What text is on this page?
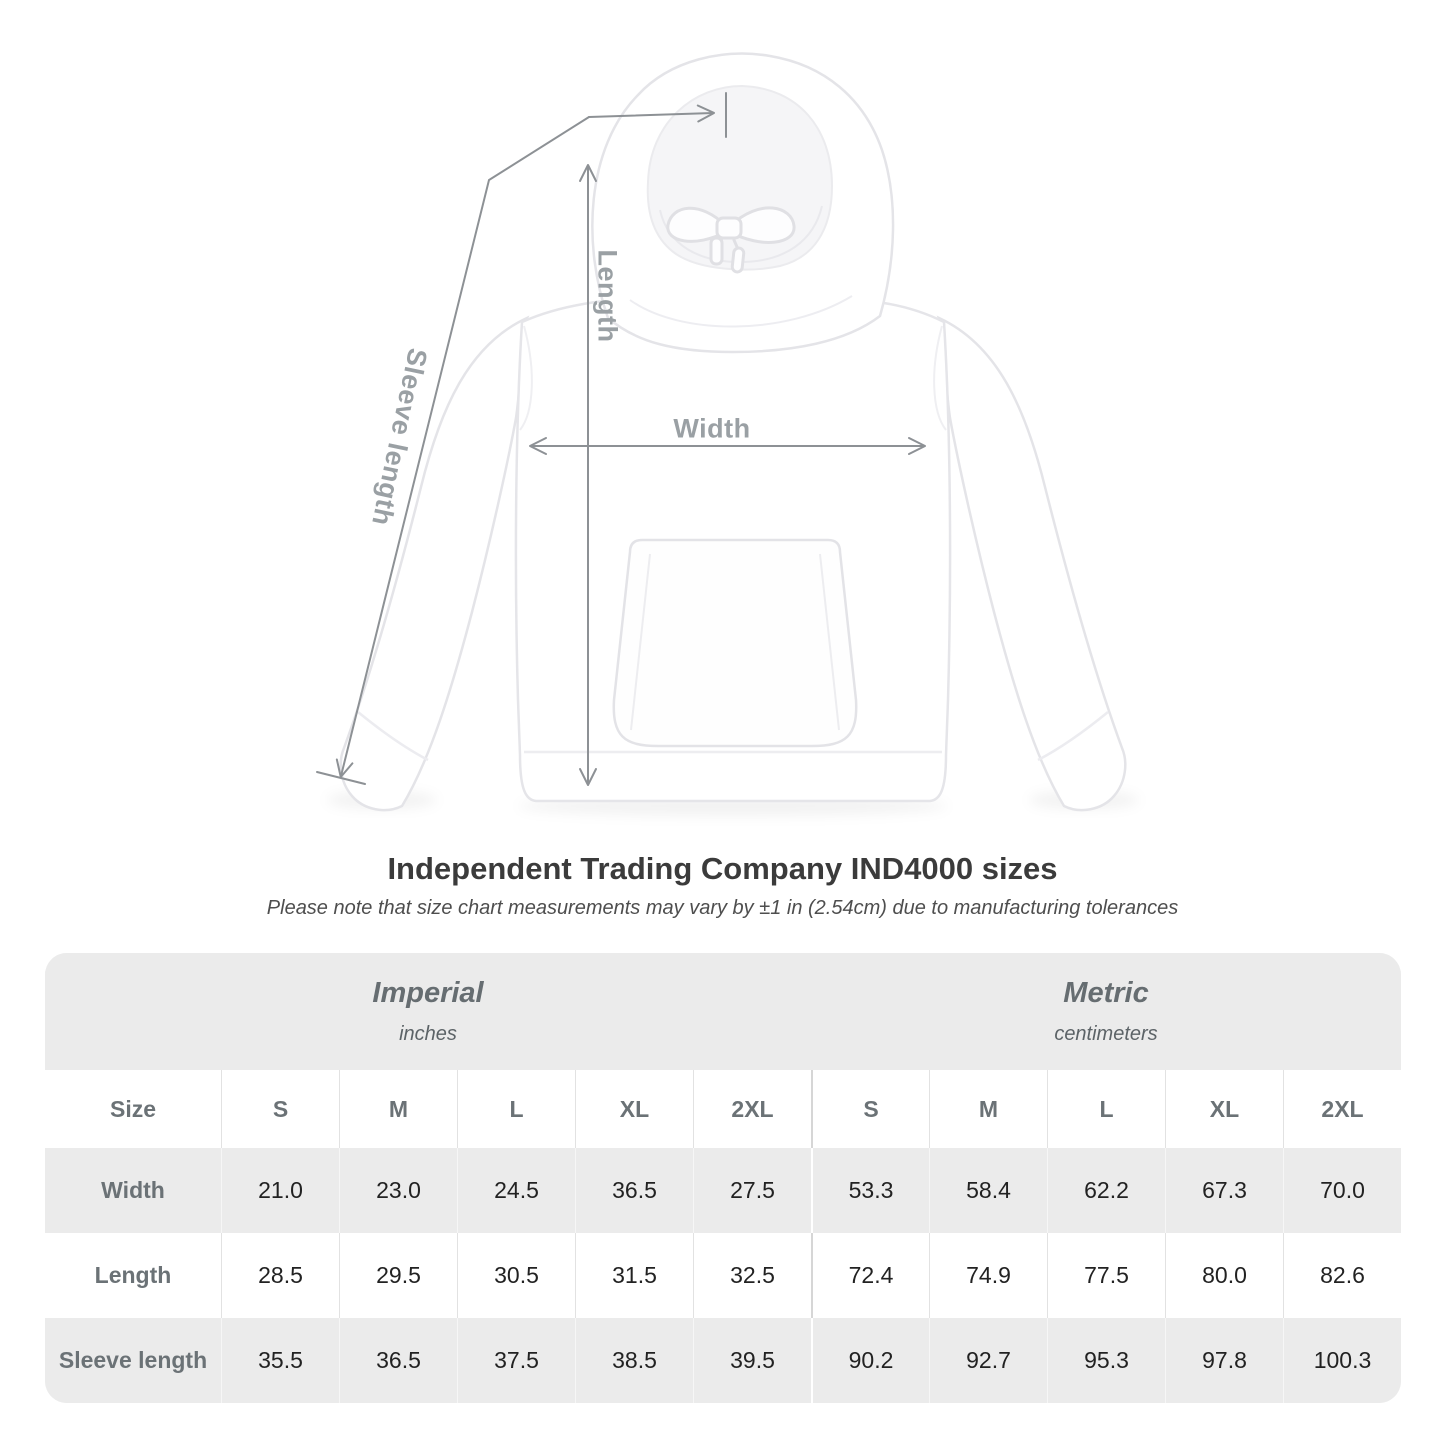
Width
Length
Sleeve length
Independent Trading Company IND4000 sizes
Please note that size chart measurements may vary by ±1 in (2.54cm) due to manufacturing tolerances
Imperial
inches
Metric
centimeters
Size	S	M	L	XL	2XL	S	M	L	XL	2XL
Width	21.0	23.0	24.5	36.5	27.5	53.3	58.4	62.2	67.3	70.0
Length	28.5	29.5	30.5	31.5	32.5	72.4	74.9	77.5	80.0	82.6
Sleeve length	35.5	36.5	37.5	38.5	39.5	90.2	92.7	95.3	97.8	100.3
